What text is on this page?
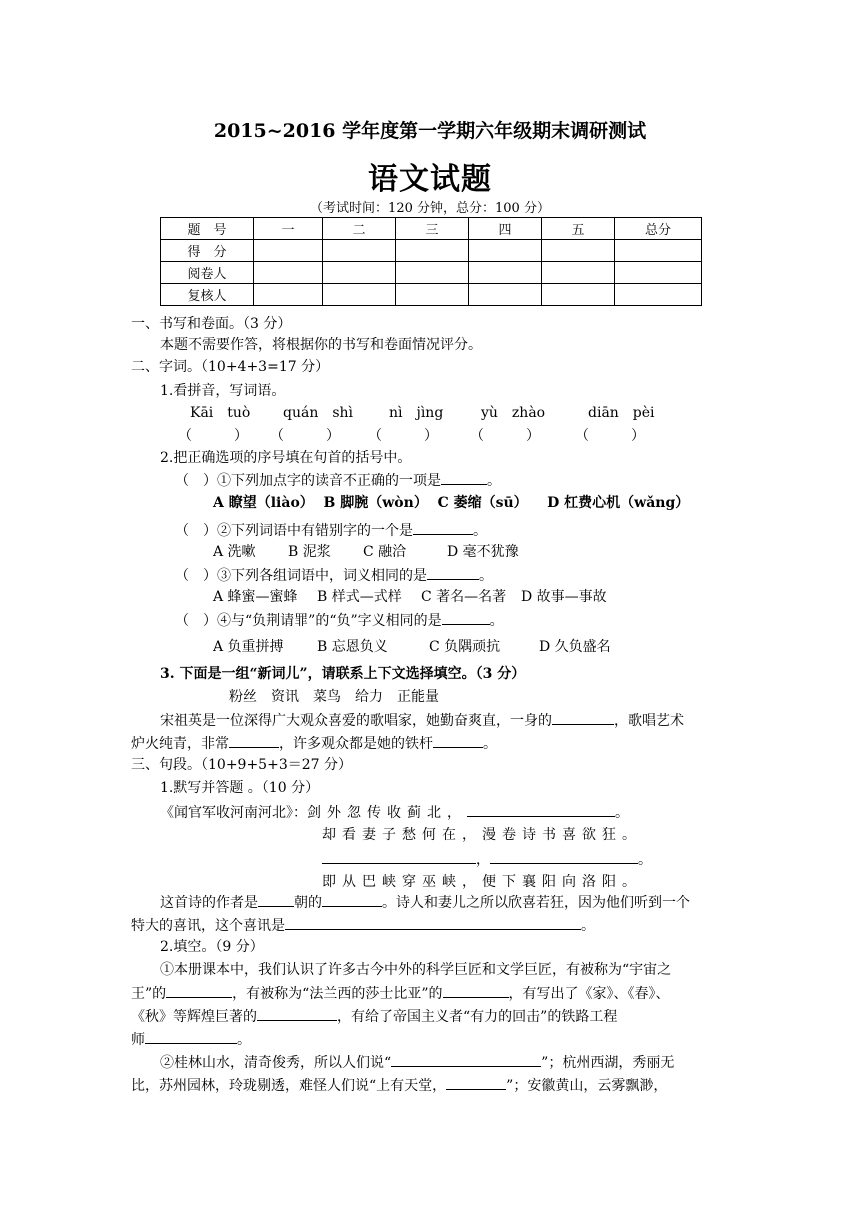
2015~2016 学年度第一学期六年级期末调研测试
语文试题
（考试时间：120 分钟，总分：100 分）
题　号	一	二	三	四	五	总分
得　分						
阅卷人						
复核人						
一、书写和卷面。（3 分）
本题不需要作答，将根据你的书写和卷面情况评分。
二、字词。（10+4+3=17 分）
1.看拼音，写词语。
Kāi　tuò quán　shì	nì　jìng	yù　zhào	diān　pèi
（　　　） （　　　） （　　　） （　　　）	（　　　）
2.把正确选项的序号填在句首的括号中。
（　）①下列加点字的读音不正确的一项是	。
A 瞭望（liào） B 脚腕（wòn） C 萎缩（sū） D 杠费心机（wǎng）
（　）②下列词语中有错别字的一个是	。
A 洗嗽 B 泥浆 C 融洽	D 毫不犹豫
（　）③下列各组词语中，词义相同的是	。
A 蜂蜜—蜜蜂 B 样式—式样 C 著名—名著 D 故事—事故
（　）④与“负荆请罪”的“负”字义相同的是	。
A 负重拼搏 B 忘恩负义	C 负隅顽抗	D 久负盛名
3. 下面是一组“新词儿”，请联系上下文选择填空。（3 分）
粉丝　资讯　菜鸟　给力　正能量
宋祖英是一位深得广大观众喜爱的歌唱家，她勤奋爽直，一身的	，歌唱艺术
炉火纯青，非常	，许多观众都是她的铁杆	。
三、句段。（10+9+5+3＝27 分）
1.默写并答题 。（10 分）
《闻官军收河南河北》：剑外忽传收蓟北，	。
却看妻子愁何在，漫卷诗书喜欲狂。
，	。
即从巴峡穿巫峡，便下襄阳向洛阳。
这首诗的作者是	朝的	。诗人和妻儿之所以欣喜若狂，因为他们听到一个
特大的喜讯，这个喜讯是	。
2.填空。（9 分）
①本册课本中，我们认识了许多古今中外的科学巨匠和文学巨匠，有被称为“宇宙之
王”的	，有被称为“法兰西的莎士比亚”的	，有写出了《家》、《春》、
《秋》等辉煌巨著的	，有给了帝国主义者“有力的回击”的铁路工程
师	。
②桂林山水，清奇俊秀，所以人们说“	”；杭州西湖，秀丽无
比，苏州园林，玲珑剔透，难怪人们说“上有天堂，	”；安徽黄山，云雾飘渺，
